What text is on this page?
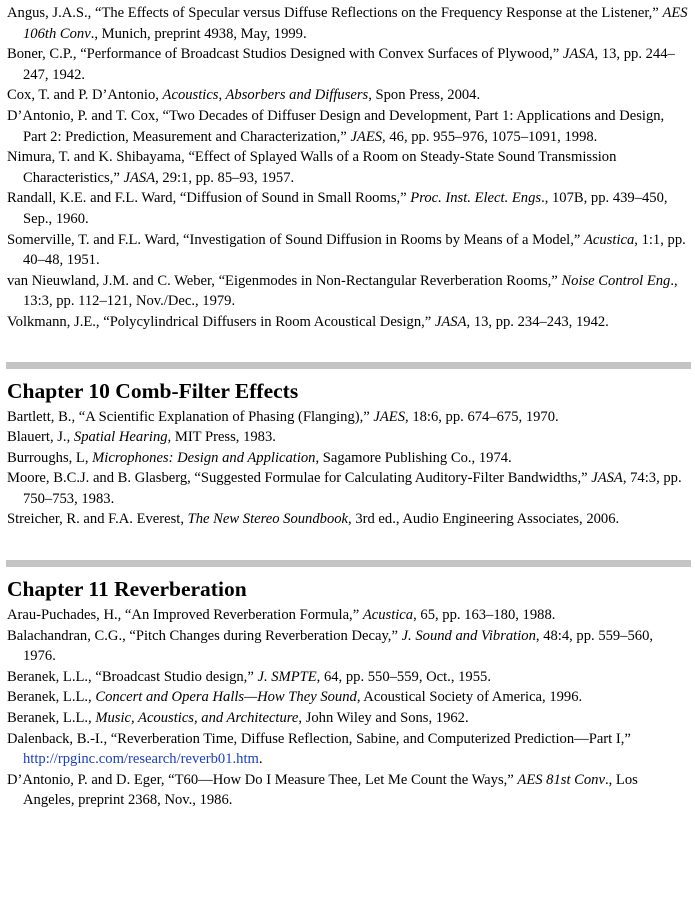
Angus, J.A.S., “The Effects of Specular versus Diffuse Reflections on the Frequency Response at the Listener,” AES 106th Conv., Munich, preprint 4938, May, 1999.

Boner, C.P., “Performance of Broadcast Studios Designed with Convex Surfaces of Plywood,” JASA, 13, pp. 244–247, 1942.

Cox, T. and P. D’Antonio, Acoustics, Absorbers and Diffusers, Spon Press, 2004.

D’Antonio, P. and T. Cox, “Two Decades of Diffuser Design and Development, Part 1: Applications and Design, Part 2: Prediction, Measurement and Characterization,” JAES, 46, pp. 955–976, 1075–1091, 1998.

Nimura, T. and K. Shibayama, “Effect of Splayed Walls of a Room on Steady-State Sound Transmission Characteristics,” JASA, 29:1, pp. 85–93, 1957.

Randall, K.E. and F.L. Ward, “Diffusion of Sound in Small Rooms,” Proc. Inst. Elect. Engs., 107B, pp. 439–450, Sep., 1960.

Somerville, T. and F.L. Ward, “Investigation of Sound Diffusion in Rooms by Means of a Model,” Acustica, 1:1, pp. 40–48, 1951.

van Nieuwland, J.M. and C. Weber, “Eigenmodes in Non-Rectangular Reverberation Rooms,” Noise Control Eng., 13:3, pp. 112–121, Nov./Dec., 1979.

Volkmann, J.E., “Polycylindrical Diffusers in Room Acoustical Design,” JASA, 13, pp. 234–243, 1942.

Chapter 10 Comb-Filter Effects

Bartlett, B., “A Scientific Explanation of Phasing (Flanging),” JAES, 18:6, pp. 674–675, 1970.

Blauert, J., Spatial Hearing, MIT Press, 1983.

Burroughs, L, Microphones: Design and Application, Sagamore Publishing Co., 1974.

Moore, B.C.J. and B. Glasberg, “Suggested Formulae for Calculating Auditory-Filter Bandwidths,” JASA, 74:3, pp. 750–753, 1983.

Streicher, R. and F.A. Everest, The New Stereo Soundbook, 3rd ed., Audio Engineering Associates, 2006.

Chapter 11 Reverberation

Arau-Puchades, H., “An Improved Reverberation Formula,” Acustica, 65, pp. 163–180, 1988.

Balachandran, C.G., “Pitch Changes during Reverberation Decay,” J. Sound and Vibration, 48:4, pp. 559–560, 1976.

Beranek, L.L., “Broadcast Studio design,” J. SMPTE, 64, pp. 550–559, Oct., 1955.

Beranek, L.L., Concert and Opera Halls—How They Sound, Acoustical Society of America, 1996.

Beranek, L.L., Music, Acoustics, and Architecture, John Wiley and Sons, 1962.

Dalenback, B.-I., “Reverberation Time, Diffuse Reflection, Sabine, and Computerized Prediction—Part I,” http://rpginc.com/research/reverb01.htm.

D’Antonio, P. and D. Eger, “T60—How Do I Measure Thee, Let Me Count the Ways,” AES 81st Conv., Los Angeles, preprint 2368, Nov., 1986.
